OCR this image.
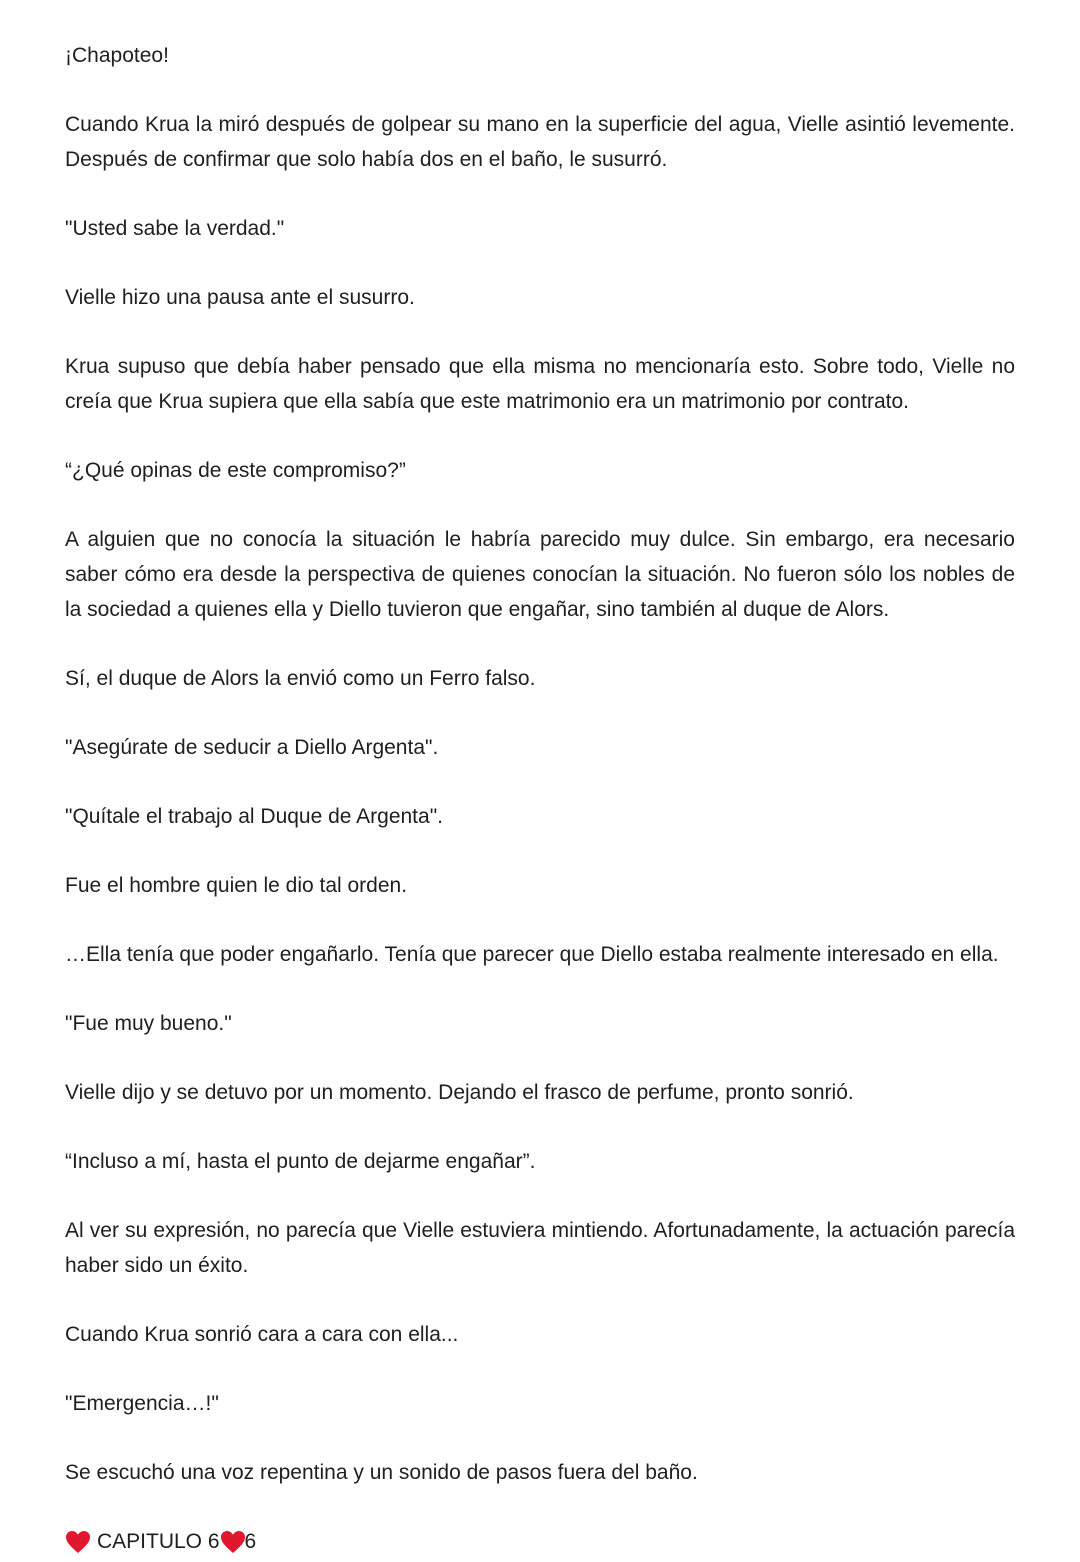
¡Chapoteo!

Cuando Krua la miró después de golpear su mano en la superficie del agua, Vielle asintió levemente. Después de confirmar que solo había dos en el baño, le susurró.

"Usted sabe la verdad."

Vielle hizo una pausa ante el susurro.

Krua supuso que debía haber pensado que ella misma no mencionaría esto. Sobre todo, Vielle no creía que Krua supiera que ella sabía que este matrimonio era un matrimonio por contrato.

“¿Qué opinas de este compromiso?”

A alguien que no conocía la situación le habría parecido muy dulce. Sin embargo, era necesario saber cómo era desde la perspectiva de quienes conocían la situación. No fueron sólo los nobles de la sociedad a quienes ella y Diello tuvieron que engañar, sino también al duque de Alors.

Sí, el duque de Alors la envió como un Ferro falso.

"Asegúrate de seducir a Diello Argenta".

"Quítale el trabajo al Duque de Argenta".

Fue el hombre quien le dio tal orden.

…Ella tenía que poder engañarlo. Tenía que parecer que Diello estaba realmente interesado en ella.

"Fue muy bueno."

Vielle dijo y se detuvo por un momento. Dejando el frasco de perfume, pronto sonrió.

“Incluso a mí, hasta el punto de dejarme engañar”.

Al ver su expresión, no parecía que Vielle estuviera mintiendo. Afortunadamente, la actuación parecía haber sido un éxito.

Cuando Krua sonrió cara a cara con ella...

"Emergencia…!"

Se escuchó una voz repentina y un sonido de pasos fuera del baño.

CAPITULO 6 6
